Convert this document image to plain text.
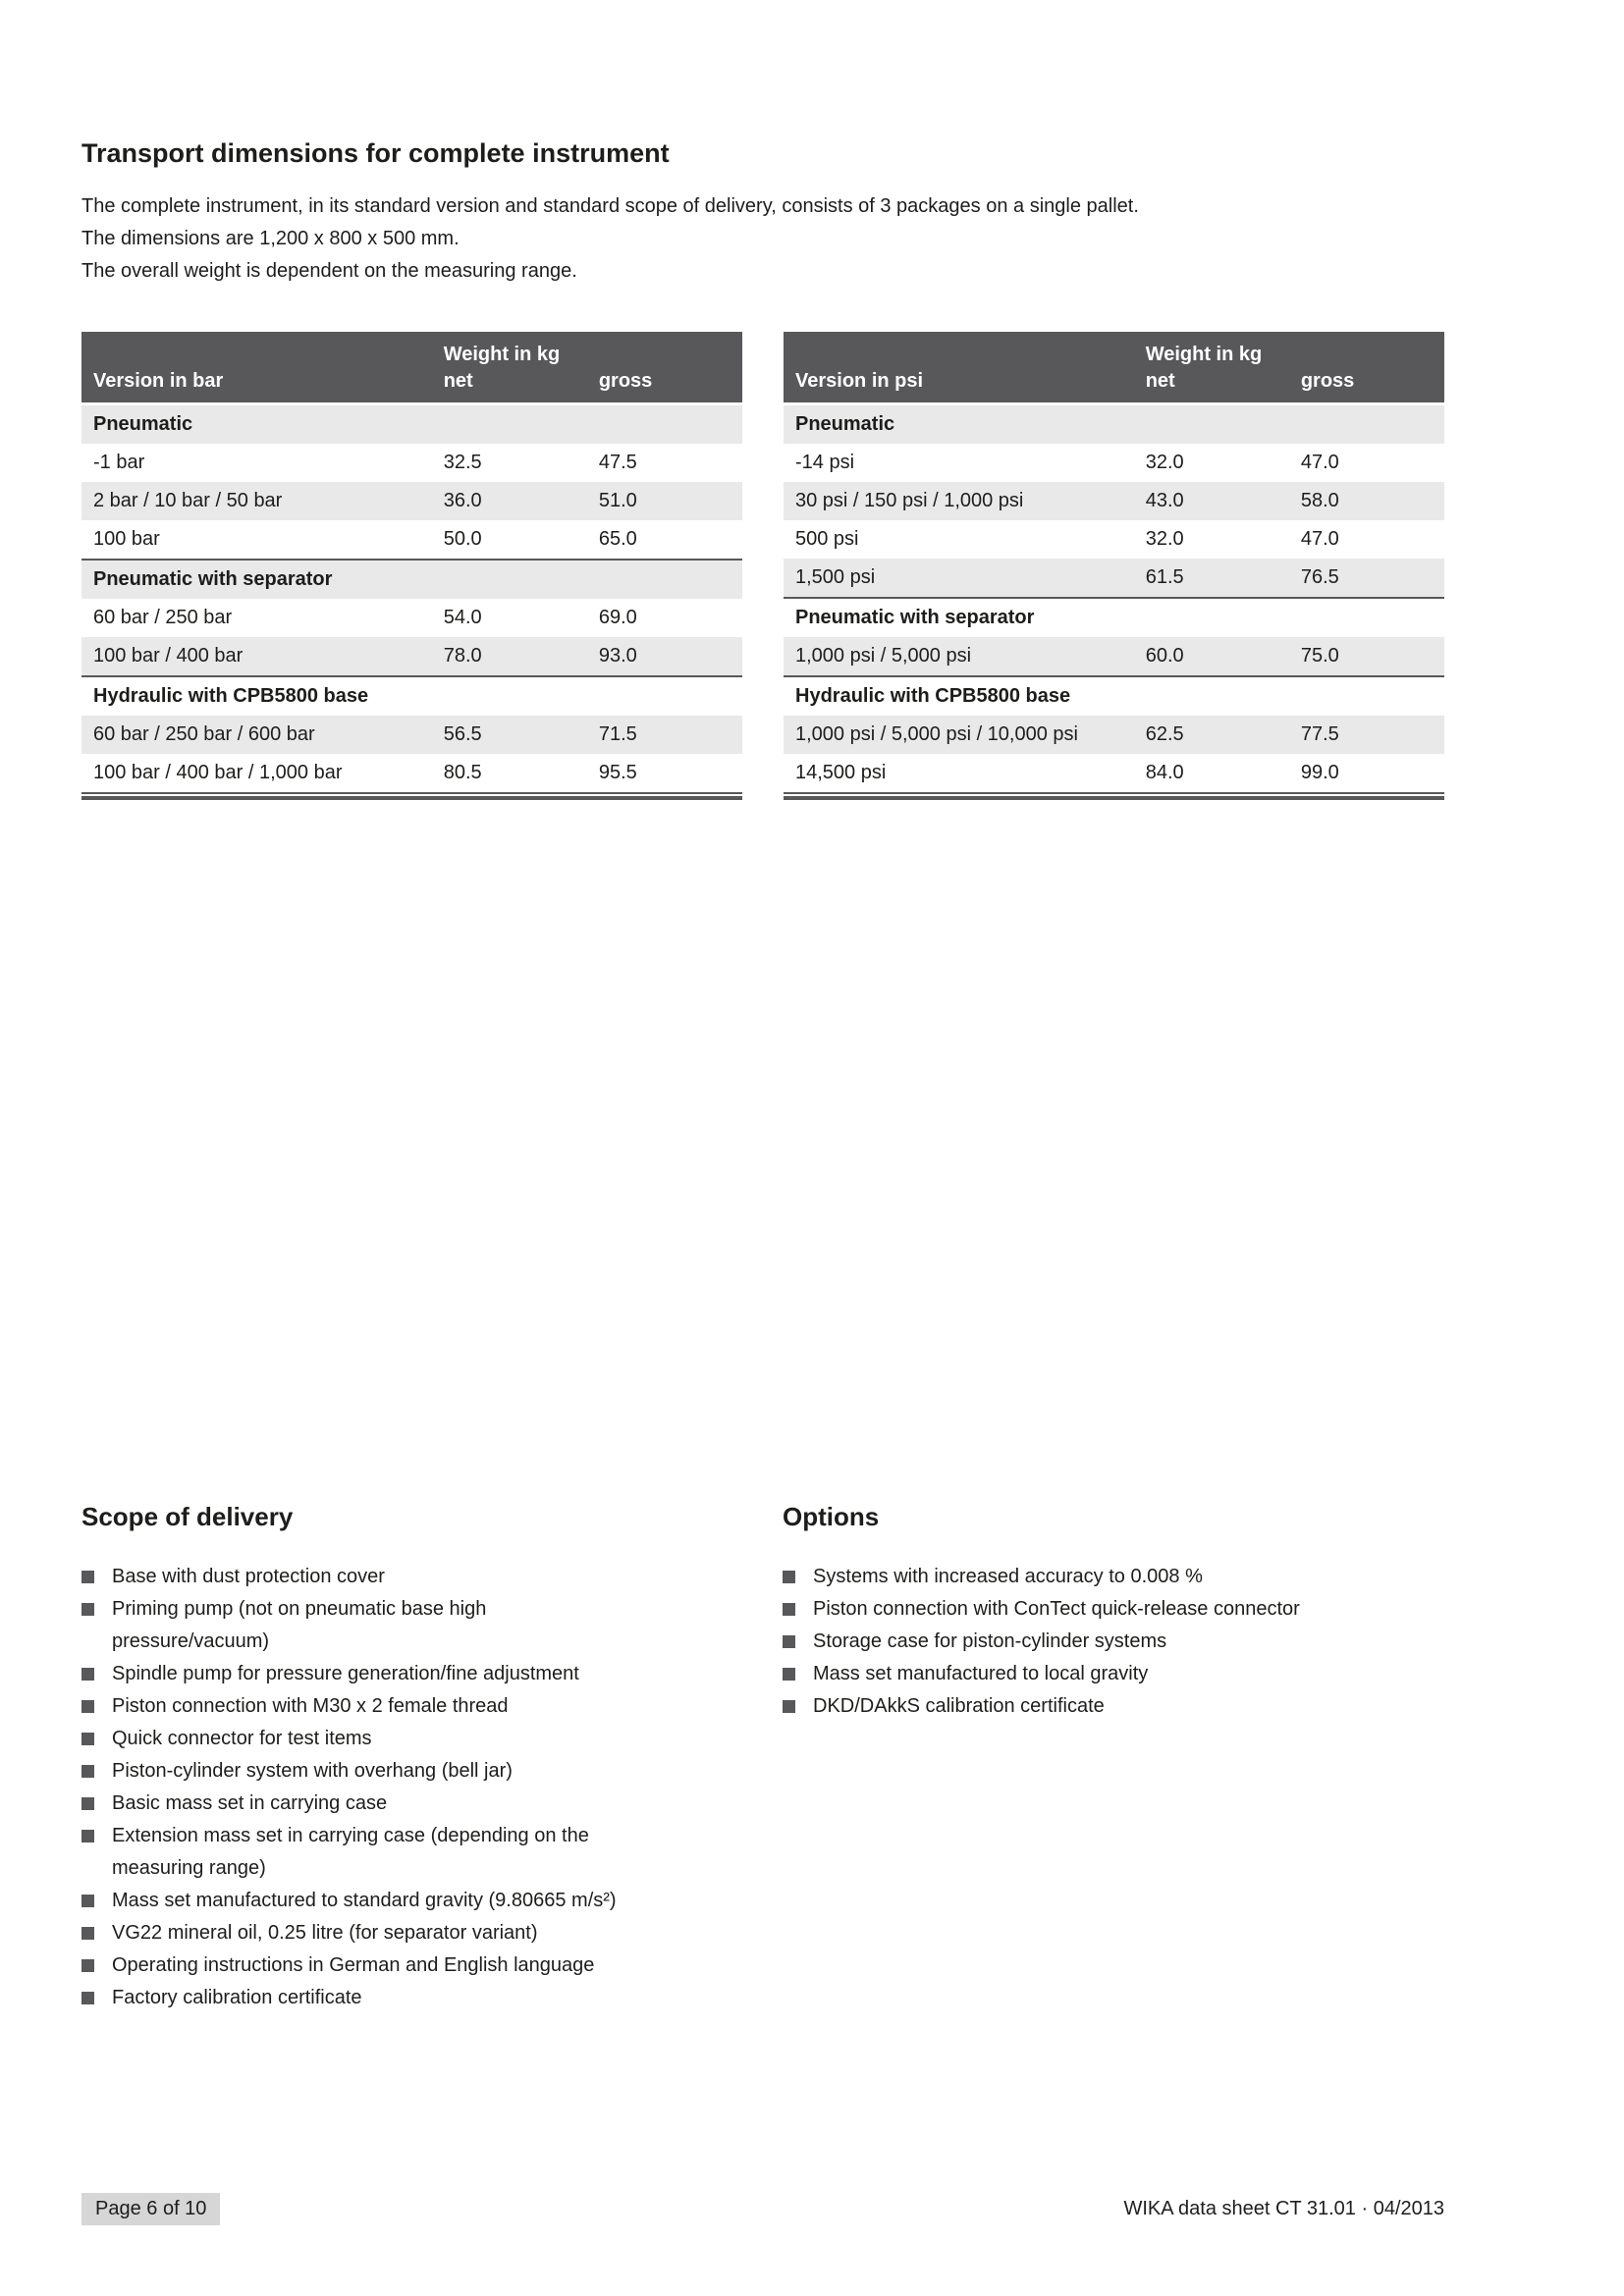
Transport dimensions for complete instrument

The complete instrument, in its standard version and standard scope of delivery, consists of 3 packages on a single pallet.
The dimensions are 1,200 x 800 x 500 mm.
The overall weight is dependent on the measuring range.

	Weight in kg	
Version in bar	net	gross
Pneumatic		
-1 bar	32.5	47.5
2 bar / 10 bar / 50 bar	36.0	51.0
100 bar	50.0	65.0
Pneumatic with separator		
60 bar / 250 bar	54.0	69.0
100 bar / 400 bar	78.0	93.0
Hydraulic with CPB5800 base		
60 bar / 250 bar / 600 bar	56.5	71.5
100 bar / 400 bar / 1,000 bar	80.5	95.5
	Weight in kg	
Version in psi	net	gross
Pneumatic		
-14 psi	32.0	47.0
30 psi / 150 psi / 1,000 psi	43.0	58.0
500 psi	32.0	47.0
1,500 psi	61.5	76.5
Pneumatic with separator		
1,000 psi / 5,000 psi	60.0	75.0
Hydraulic with CPB5800 base		
1,000 psi / 5,000 psi / 10,000 psi	62.5	77.5
14,500 psi	84.0	99.0
Scope of delivery
Base with dust protection cover
Priming pump (not on pneumatic base high pressure/vacuum)
Spindle pump for pressure generation/fine adjustment
Piston connection with M30 x 2 female thread
Quick connector for test items
Piston-cylinder system with overhang (bell jar)
Basic mass set in carrying case
Extension mass set in carrying case (depending on the measuring range)
Mass set manufactured to standard gravity (9.80665 m/s²)
VG22 mineral oil, 0.25 litre (for separator variant)
Operating instructions in German and English language
Factory calibration certificate
Options
Systems with increased accuracy to 0.008 %
Piston connection with ConTect quick-release connector
Storage case for piston-cylinder systems
Mass set manufactured to local gravity
DKD/DAkkS calibration certificate
Page 6 of 10	WIKA data sheet CT 31.01 · 04/2013
